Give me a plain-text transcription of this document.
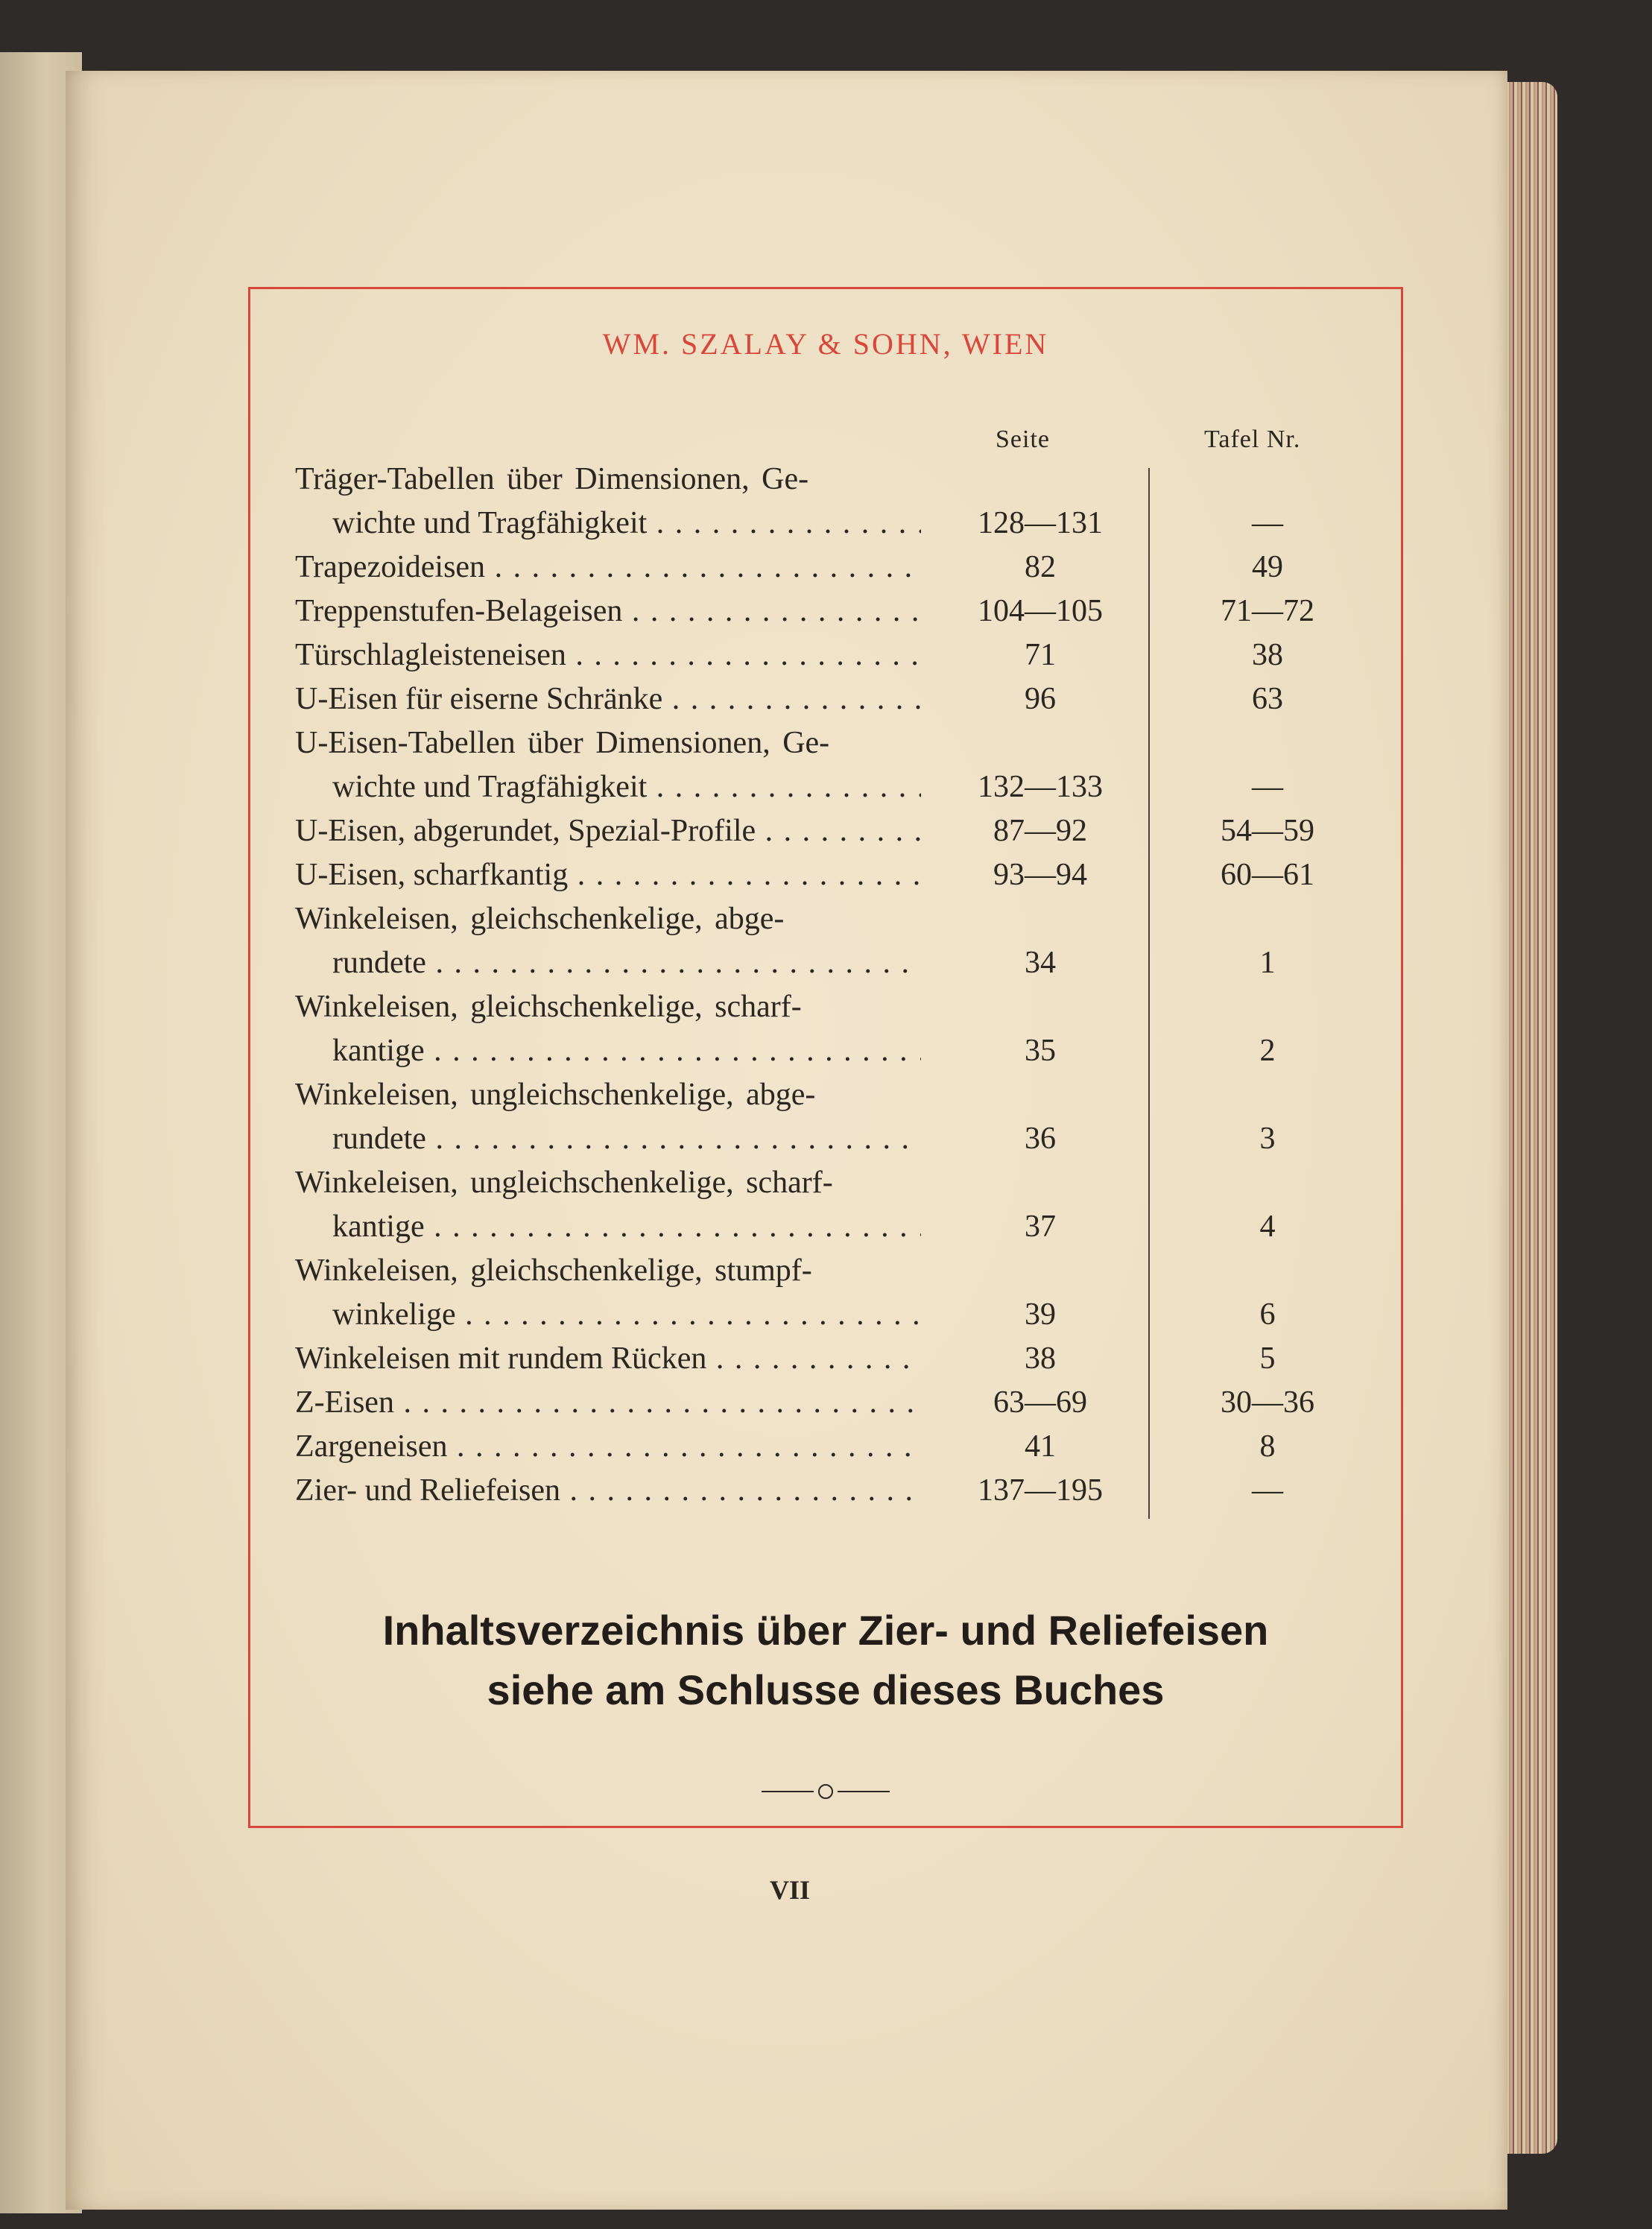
WM. SZALAY & SOHN, WIEN
Seite	Tafel Nr.
Träger-Tabellen über Dimensionen, Ge-
wichte und Tragfähigkeit . . .	128—131	—
Trapezoideisen . . .	82	49
Treppenstufen-Belageisen . . .	104—105	71—72
Türschlagleisteneisen . . .	71	38
U-Eisen für eiserne Schränke . . .	96	63
U-Eisen-Tabellen über Dimensionen, Ge-
wichte und Tragfähigkeit . . .	132—133	—
U-Eisen, abgerundet, Spezial-Profile . . .	87—92	54—59
U-Eisen, scharfkantig . . .	93—94	60—61
Winkeleisen, gleichschenkelige, abge-
rundete . . .	34	1
Winkeleisen, gleichschenkelige, scharf-
kantige . . .	35	2
Winkeleisen, ungleichschenkelige, abge-
rundete . . .	36	3
Winkeleisen, ungleichschenkelige, scharf-
kantige . . .	37	4
Winkeleisen, gleichschenkelige, stumpf-
winkelige . . .	39	6
Winkeleisen mit rundem Rücken . . .	38	5
Z-Eisen . . .	63—69	30—36
Zargeneisen . . .	41	8
Zier- und Reliefeisen . . .	137—195	—
Inhaltsverzeichnis über Zier- und Reliefeisen
siehe am Schlusse dieses Buches
VII
